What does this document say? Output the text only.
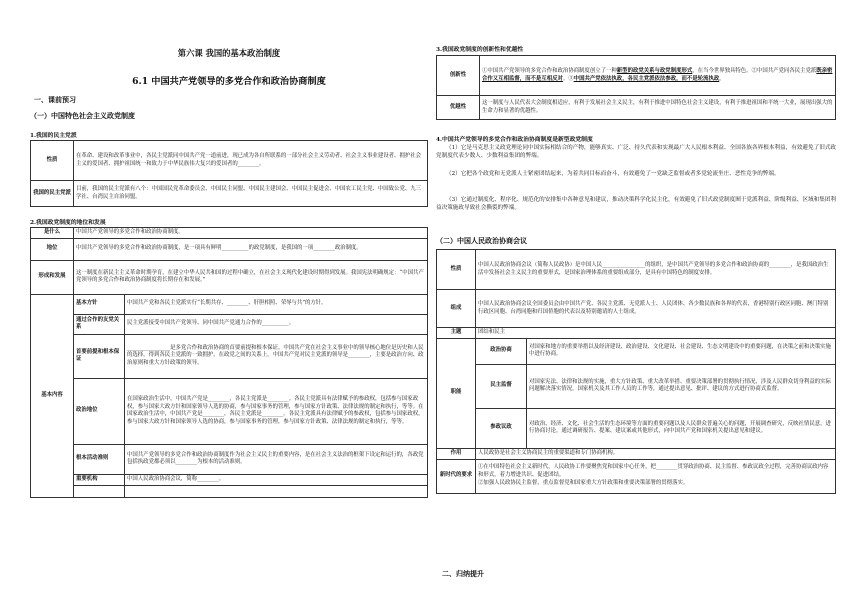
第六课 我国的基本政治制度
6.1 中国共产党领导的多党合作和政治协商制度
一、课前预习
（一）中国特色社会主义政党制度
1.我国的民主党派
性质	在革命、建设和改革事业中，各民主党派同中国共产党一道前进，现已成为各自所联系的一部分社会主义劳动者、社会主义事业建设者、拥护社会主义的爱国者、拥护祖国统一和致力于中华民族伟大复兴的爱国者的________。
我国的民主党派	目前，我国的民主党派有八个：中国国民党革命委员会、中国民主同盟、中国民主建国会、中国民主促进会、中国农工民主党、中国致公党、九三学社、台湾民主自治同盟。
2.我国政党制度的地位和发展
是什么	中国共产党领导的多党合作和政治协商制度。	
地位	中国共产党领导的多党合作和政治协商制度，是一项具有鲜明__________的政党制度，是我国的一项________政治制度。	
形成和发展	这一制度在新民主主义革命时期孕育，在建立中华人民共和国的过程中确立，在社会主义现代化建设时期得到发展。我国宪法明确规定：“中国共产党领导的多党合作和政治协商制度将长期存在和发展。”	
基本内容	基本方针	中国共产党和各民主党派实行“长期共存、________、肝胆相照、荣辱与共”的方针。
	通过合作的友党关系	民主党派接受中国共产党领导、同中国共产党通力合作的__________。
	首要前提和根本保证	________________是多党合作和政治协商的首要前提和根本保证。中国共产党在社会主义事业中的领导核心地位是历史和人民的选择，得到各民主党派的一致拥护。在政党之间的关系上，中国共产党对民主党派的领导是________，主要是政治方向、政治原则和重大方针政策的领导。
	政治地位	在国家政治生活中，中国共产党是________，各民主党派是________。各民主党派具有法律赋予的参政权，包括参与国家政权，参与国家大政方针和国家领导人选的协商，参与国家事务的管理，参与国家方针政策、法律法规的制定和执行，等等。在国家政治生活中，中国共产党是________，各民主党派是________。各民主党派具有法律赋予的参政权，包括参与国家政权，参与国家大政方针和国家领导人选的协商，参与国家事务的管理，参与国家方针政策、法律法规的制定和执行，等等。
	根本活动准则	中国共产党领导的多党合作和政治协商制度作为社会主义民主的重要内容，是在社会主义法治的框架下设定和运行的，各政党包括执政党都必须以________为根本的活动准则。
	重要机构	中国人民政治协商会议，简称________。

3.我国政党制度的创新性和优越性
创新性	①中国共产党领导的多党合作和政治协商制度创立了一种新型的政党关系与政党制度形式，在当今世界独具特色。②中国共产党同各民主党派既亲密合作又互相监督，而不是互相反对。③中国共产党依法执政，各民主党派依法参政，而不是轮流执政。
优越性	这一制度与人民代表大会制度相适应，有利于发展社会主义民主，有利于推进中国特色社会主义建设，有利于推进祖国和平统一大业，展现出强大的生命力和显著的优越性。
4.中国共产党领导的多党合作和政治协商制度是新型政党制度
（1）它是马克思主义政党理论同中国实际相结合的产物，能够真实、广泛、持久代表和实现最广大人民根本利益、全国各族各界根本利益，有效避免了旧式政党制度代表少数人、少数利益集团的弊端。
（2）它把各个政党和无党派人士紧密团结起来，为着共同目标而奋斗，有效避免了一党缺乏监督或者多党轮流坐庄、恶性竞争的弊端。
（3）它通过制度化、程序化、规范化的安排集中各种意见和建议，推动决策科学化民主化，有效避免了旧式政党制度囿于党派利益、阶级利益、区域和集团利益决策施政导致社会撕裂的弊端。
（二）中国人民政治协商会议
性质	中国人民政治协商会议（简称人民政协）是中国人民________________的组织，是中国共产党领导的多党合作和政治协商的________，是我国政治生活中发扬社会主义民主的重要形式，是国家治理体系的重要组成部分，是具有中国特色的制度安排。	
组成	中国人民政治协商会议全国委员会由中国共产党、各民主党派、无党派人士、人民团体、各少数民族和各界的代表，香港特别行政区同胞、澳门特别行政区同胞、台湾同胞和归国侨胞的代表以及特别邀请的人士组成。	
主题	团结和民主	
职能	政治协商	对国家和地方的重要举措以及经济建设、政治建设、文化建设、社会建设、生态文明建设中的重要问题，在决策之前和决策实施中进行协商。
	民主监督	对国家宪法、法律和法规的实施，重大方针政策、重大改革举措、重要决策部署的贯彻执行情况，涉及人民群众切身利益的实际问题解决落实情况，国家机关及其工作人员的工作等，通过提出意见、批评、建议的方式进行协商式监督。
	参政议政	对政治、经济、文化、社会生活的生态环境等方面的重要问题以及人民群众普遍关心的问题，开展调查研究，反映社情民意，进行协商讨论。通过调研报告、提案、建议案或其他形式，向中国共产党和国家机关提出意见和建议。
作用	人民政协是社会主义协商民主的重要渠道和专门协商机构。	
新时代的要求	①在中国特色社会主义新时代，人民政协工作要聚焦党和国家中心任务，把________贯穿政治协商、民主监督、参政议政全过程，完善协商议政内容和形式，着力增进共识、促进团结。
②加强人民政协民主监督，重点监督党和国家重大方针政策和重要决策部署的贯彻落实。	
二、归纳提升
